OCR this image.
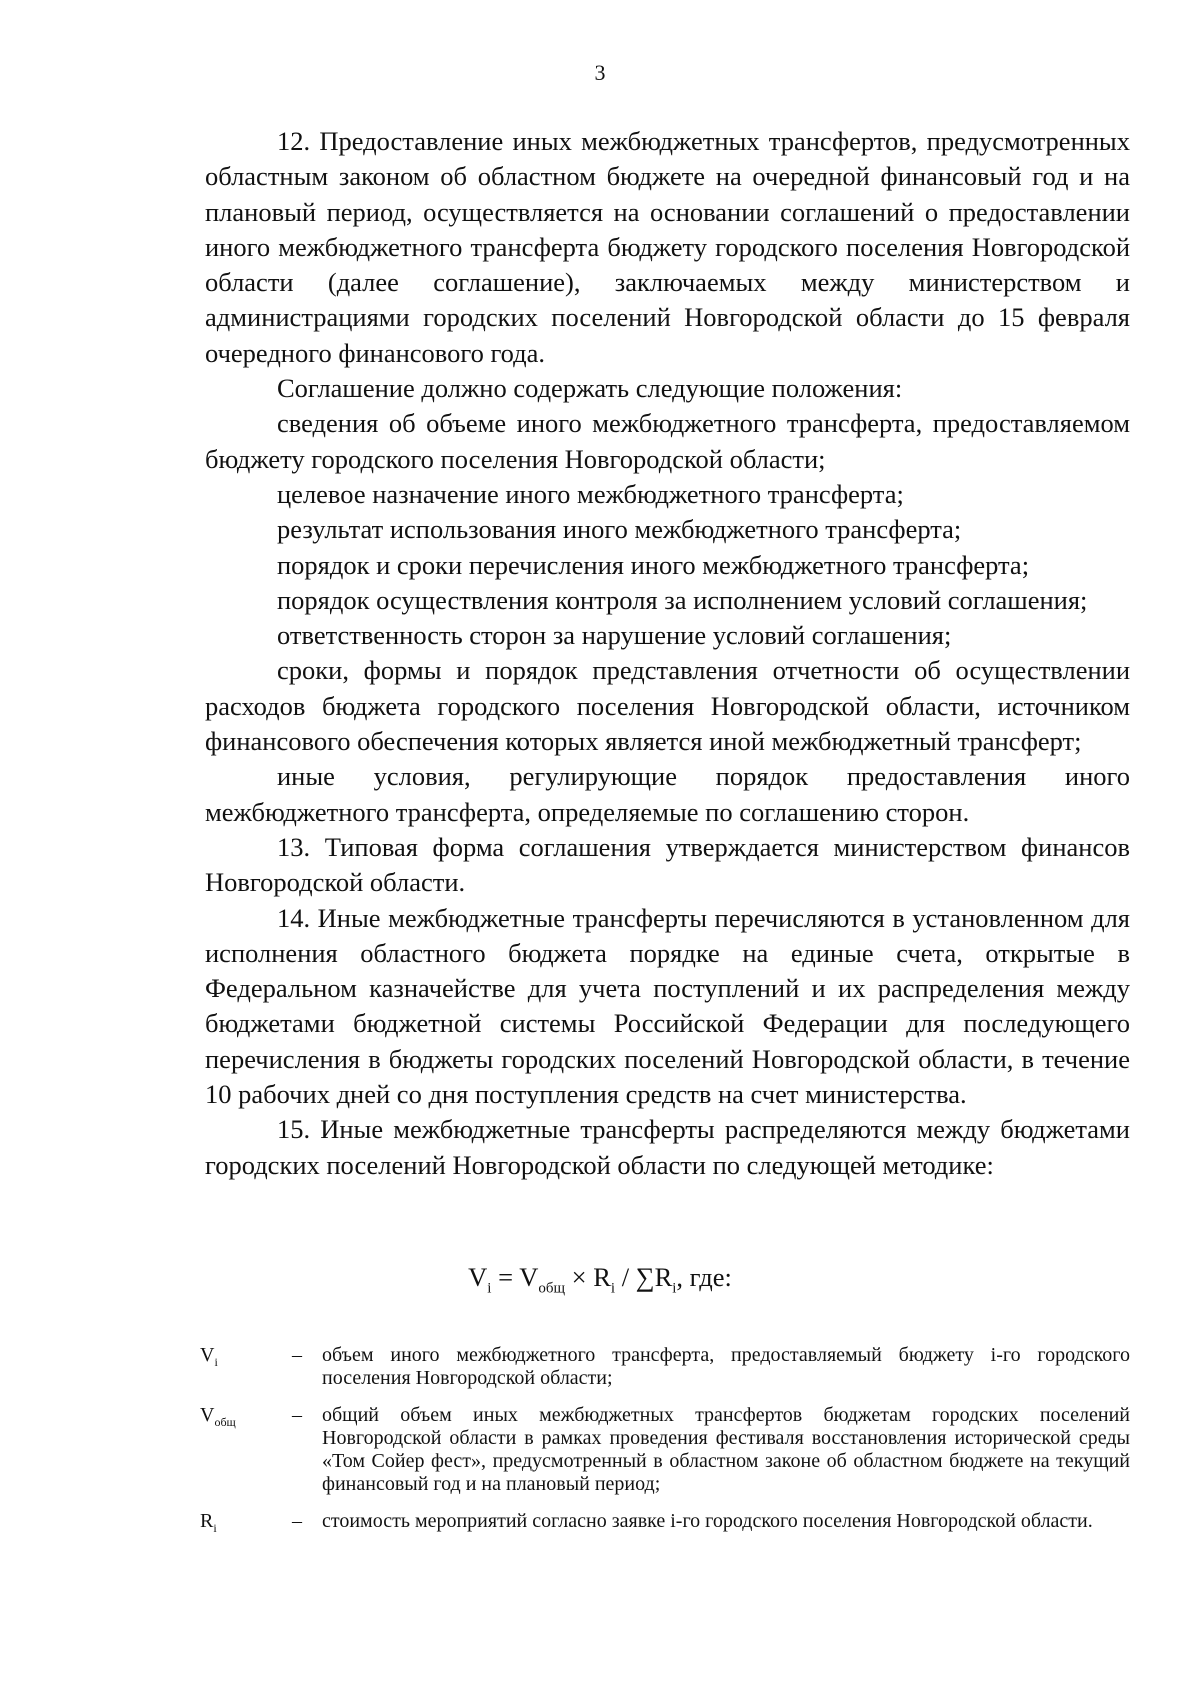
3

12. Предоставление иных межбюджетных трансфертов, предусмотренных областным законом об областном бюджете на очередной финансовый год и на плановый период, осуществляется на основании соглашений о предоставлении иного межбюджетного трансферта бюджету городского поселения Новгородской области (далее соглашение), заключаемых между министерством и администрациями городских поселений Новгородской области до 15 февраля очередного финансового года.

Соглашение должно содержать следующие положения:

сведения об объеме иного межбюджетного трансферта, предоставляемом бюджету городского поселения Новгородской области;

целевое назначение иного межбюджетного трансферта;

результат использования иного межбюджетного трансферта;

порядок и сроки перечисления иного межбюджетного трансферта;

порядок осуществления контроля за исполнением условий соглашения;

ответственность сторон за нарушение условий соглашения;

сроки, формы и порядок представления отчетности об осуществлении расходов бюджета городского поселения Новгородской области, источником финансового обеспечения которых является иной межбюджетный трансферт;

иные условия, регулирующие порядок предоставления иного межбюджетного трансферта, определяемые по соглашению сторон.

13. Типовая форма соглашения утверждается министерством финансов Новгородской области.

14. Иные межбюджетные трансферты перечисляются в установленном для исполнения областного бюджета порядке на единые счета, открытые в Федеральном казначействе для учета поступлений и их распределения между бюджетами бюджетной системы Российской Федерации для последующего перечисления в бюджеты городских поселений Новгородской области, в течение 10 рабочих дней со дня поступления средств на счет министерства.

15. Иные межбюджетные трансферты распределяются между бюджетами городских поселений Новгородской области по следующей методике:

$V_i = V_{общ} \times R_i / \sum R_i$, где:
$V_i$	–	объем иного межбюджетного трансферта, предоставляемый бюджету i-го городского поселения Новгородской области;
$V_{общ}$	–	общий объем иных межбюджетных трансфертов бюджетам городских поселений Новгородской области в рамках проведения фестиваля восстановления исторической среды «Том Сойер фест», предусмотренный в областном законе об областном бюджете на текущий финансовый год и на плановый период;
$R_i$	–	стоимость мероприятий согласно заявке i-го городского поселения Новгородской области.
